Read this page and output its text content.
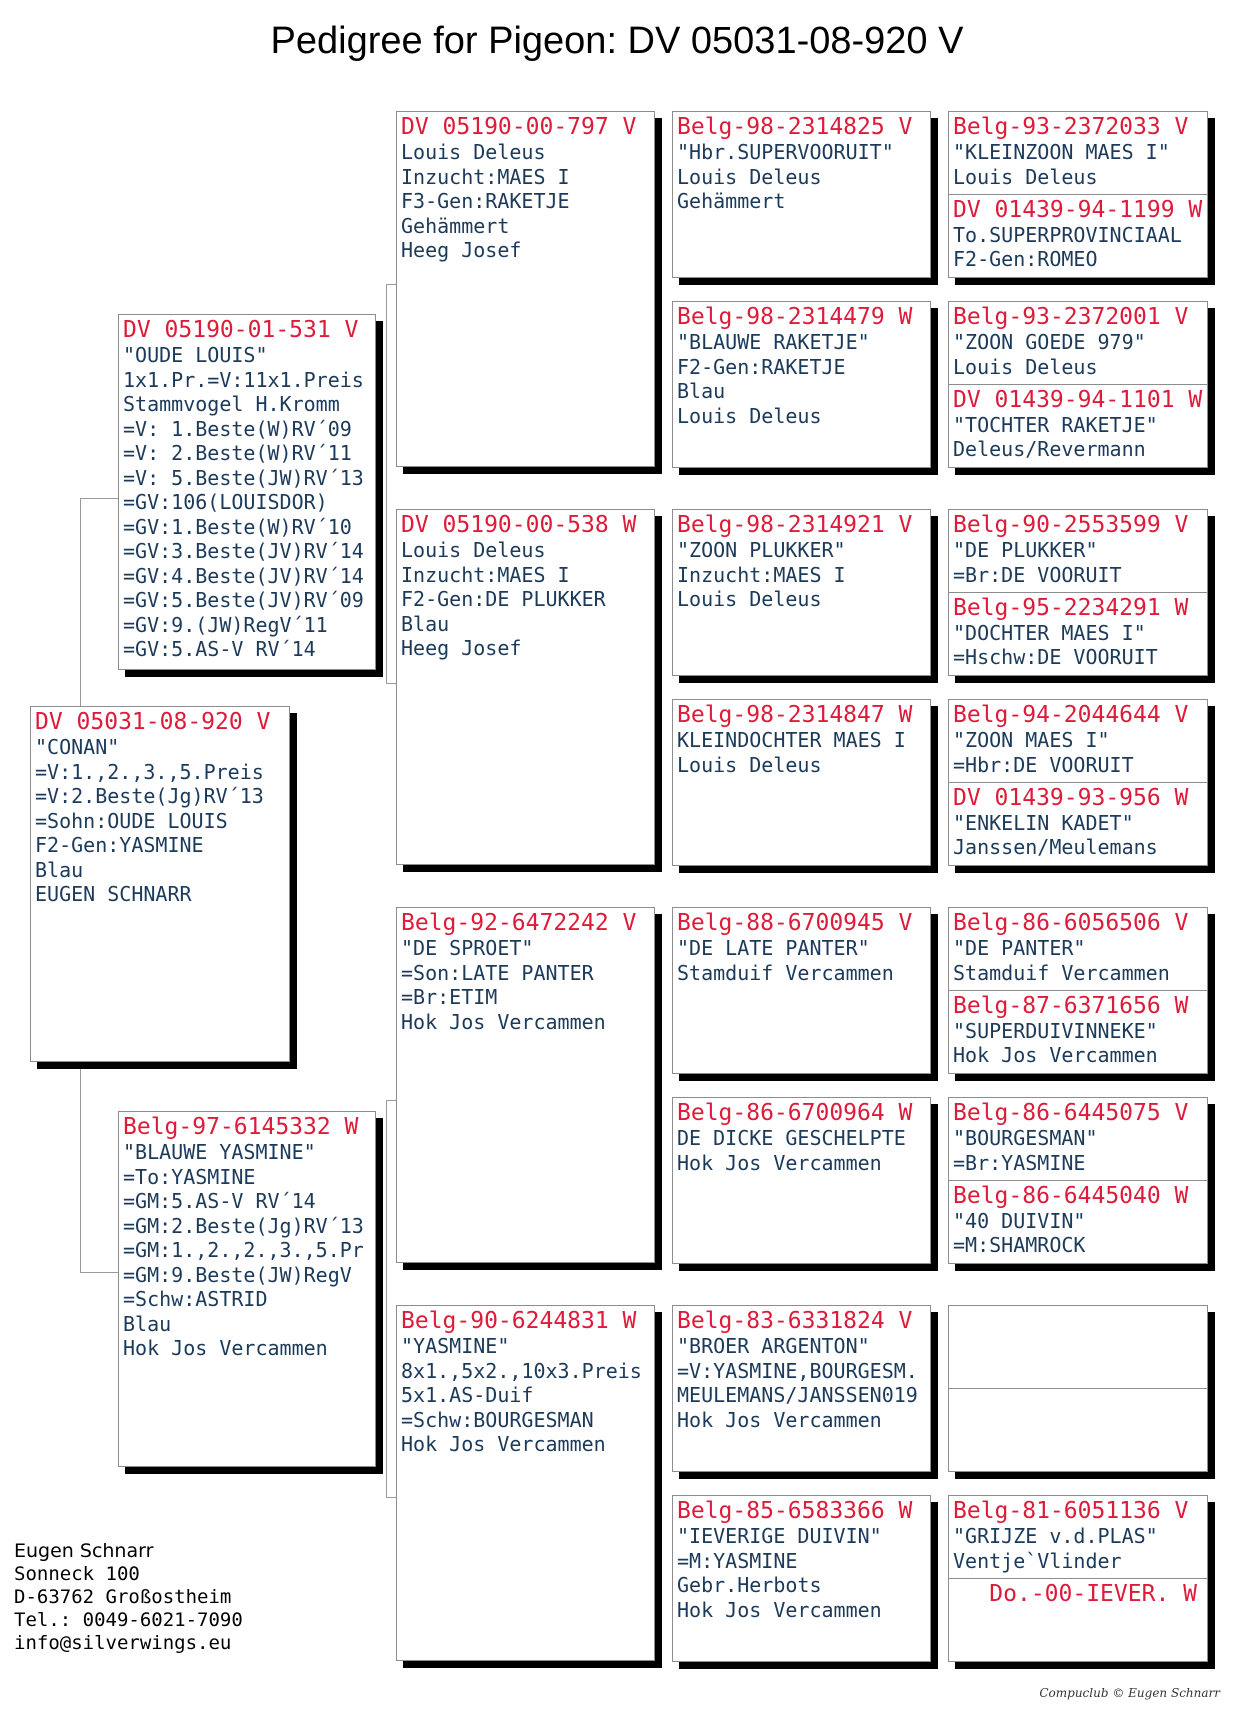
Pedigree for Pigeon: DV 05031-08-920 V
DV 05031-08-920 V
"CONAN"
=V:1.,2.,3.,5.Preis
=V:2.Beste(Jg)RV´13
=Sohn:OUDE LOUIS
F2-Gen:YASMINE
Blau
EUGEN SCHNARR
DV 05190-01-531 V
"OUDE LOUIS"
1x1.Pr.=V:11x1.Preis
Stammvogel H.Kromm
=V: 1.Beste(W)RV´09
=V: 2.Beste(W)RV´11
=V: 5.Beste(JW)RV´13
=GV:106(LOUISDOR)
=GV:1.Beste(W)RV´10
=GV:3.Beste(JV)RV´14
=GV:4.Beste(JV)RV´14
=GV:5.Beste(JV)RV´09
=GV:9.(JW)RegV´11
=GV:5.AS-V RV´14
Belg-97-6145332 W
"BLAUWE YASMINE"
=To:YASMINE
=GM:5.AS-V RV´14
=GM:2.Beste(Jg)RV´13
=GM:1.,2.,2.,3.,5.Pr
=GM:9.Beste(JW)RegV
=Schw:ASTRID
Blau
Hok Jos Vercammen
DV 05190-00-797 V
Louis Deleus
Inzucht:MAES I
F3-Gen:RAKETJE
Gehämmert
Heeg Josef
DV 05190-00-538 W
Louis Deleus
Inzucht:MAES I
F2-Gen:DE PLUKKER
Blau
Heeg Josef
Belg-92-6472242 V
"DE SPROET"
=Son:LATE PANTER
=Br:ETIM
Hok Jos Vercammen
Belg-90-6244831 W
"YASMINE"
8x1.,5x2.,10x3.Preis
5x1.AS-Duif
=Schw:BOURGESMAN
Hok Jos Vercammen
Belg-98-2314825 V
"Hbr.SUPERVOORUIT"
Louis Deleus
Gehämmert
Belg-98-2314479 W
"BLAUWE RAKETJE"
F2-Gen:RAKETJE
Blau
Louis Deleus
Belg-98-2314921 V
"ZOON PLUKKER"
Inzucht:MAES I
Louis Deleus
Belg-98-2314847 W
KLEINDOCHTER MAES I
Louis Deleus
Belg-88-6700945 V
"DE LATE PANTER"
Stamduif Vercammen
Belg-86-6700964 W
DE DICKE GESCHELPTE
Hok Jos Vercammen
Belg-83-6331824 V
"BROER ARGENTON"
=V:YASMINE,BOURGESM.
MEULEMANS/JANSSEN019
Hok Jos Vercammen
Belg-85-6583366 W
"IEVERIGE DUIVIN"
=M:YASMINE
Gebr.Herbots
Hok Jos Vercammen
Belg-93-2372033 V
"KLEINZOON MAES I"
Louis Deleus
DV 01439-94-1199 W
To.SUPERPROVINCIAAL
F2-Gen:ROMEO
Belg-93-2372001 V
"ZOON GOEDE 979"
Louis Deleus
DV 01439-94-1101 W
"TOCHTER RAKETJE"
Deleus/Revermann
Belg-90-2553599 V
"DE PLUKKER"
=Br:DE VOORUIT
Belg-95-2234291 W
"DOCHTER MAES I"
=Hschw:DE VOORUIT
Belg-94-2044644 V
"ZOON MAES I"
=Hbr:DE VOORUIT
DV 01439-93-956 W
"ENKELIN KADET"
Janssen/Meulemans
Belg-86-6056506 V
"DE PANTER"
Stamduif Vercammen
Belg-87-6371656 W
"SUPERDUIVINNEKE"
Hok Jos Vercammen
Belg-86-6445075 V
"BOURGESMAN"
=Br:YASMINE
Belg-86-6445040 W
"40 DUIVIN"
=M:SHAMROCK
Belg-81-6051136 V
"GRIJZE v.d.PLAS"
Ventje`Vlinder
Do.-00-IEVER. W
Eugen Schnarr
Sonneck 100
D-63762 Großostheim
Tel.: 0049-6021-7090
info@silverwings.eu
Compuclub © Eugen Schnarr
